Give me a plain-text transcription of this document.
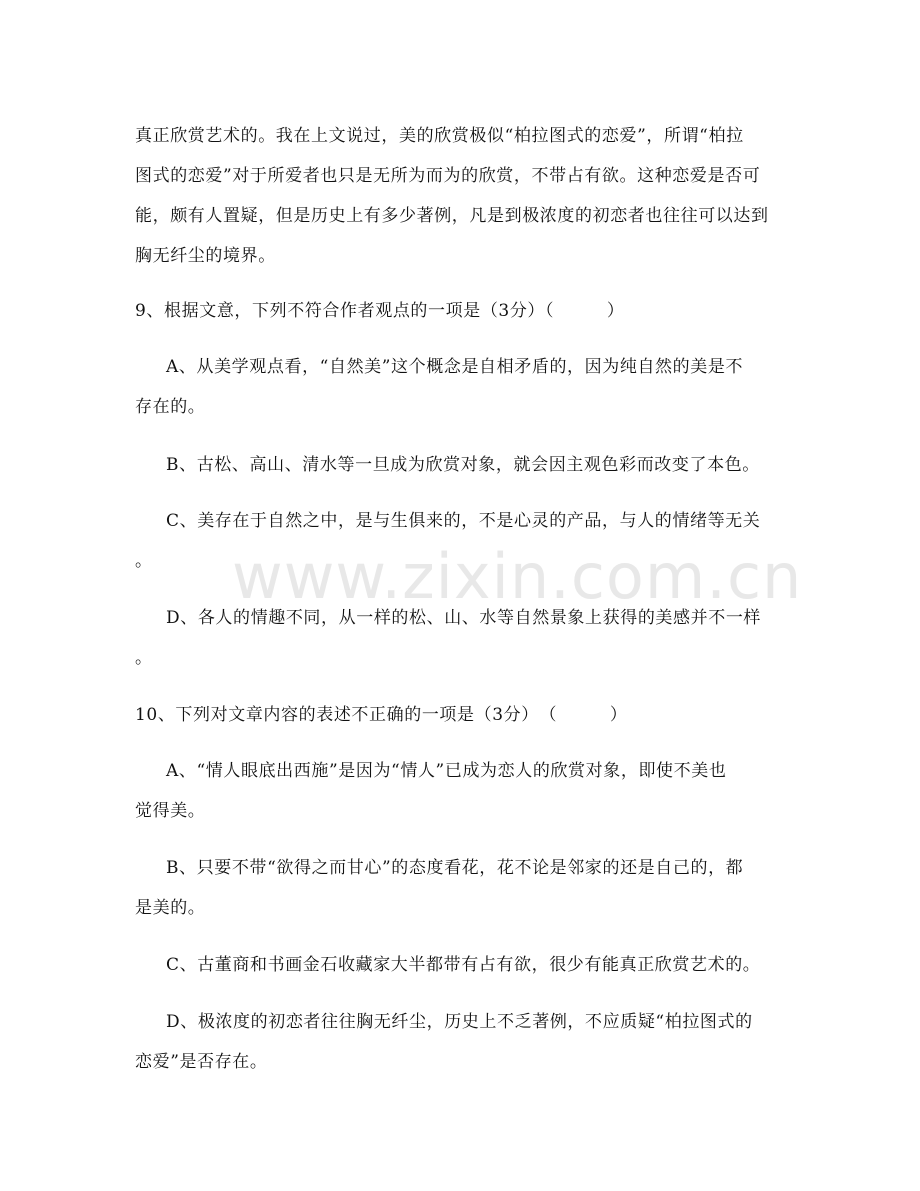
www.zixin.com.cn
真正欣赏艺术的。我在上文说过，美的欣赏极似“柏拉图式的恋爱”，所谓“柏拉
图式的恋爱”对于所爱者也只是无所为而为的欣赏，不带占有欲。这种恋爱是否可
能，颇有人置疑，但是历史上有多少著例，凡是到极浓度的初恋者也往往可以达到
胸无纤尘的境界。
9、根据文意，下列不符合作者观点的一项是（3分）（　　　）
A、从美学观点看，“自然美”这个概念是自相矛盾的，因为纯自然的美是不
存在的。
B、古松、高山、清水等一旦成为欣赏对象，就会因主观色彩而改变了本色。
C、美存在于自然之中，是与生俱来的，不是心灵的产品，与人的情绪等无关
。
D、各人的情趣不同，从一样的松、山、水等自然景象上获得的美感并不一样
。
10、下列对文章内容的表述不正确的一项是（3分）　（　　　）
A、“情人眼底出西施”是因为“情人”已成为恋人的欣赏对象，即使不美也
觉得美。
B、只要不带“欲得之而甘心”的态度看花，花不论是邻家的还是自己的，都
是美的。
C、古董商和书画金石收藏家大半都带有占有欲，很少有能真正欣赏艺术的。
D、极浓度的初恋者往往胸无纤尘，历史上不乏著例，不应质疑“柏拉图式的
恋爱”是否存在。
